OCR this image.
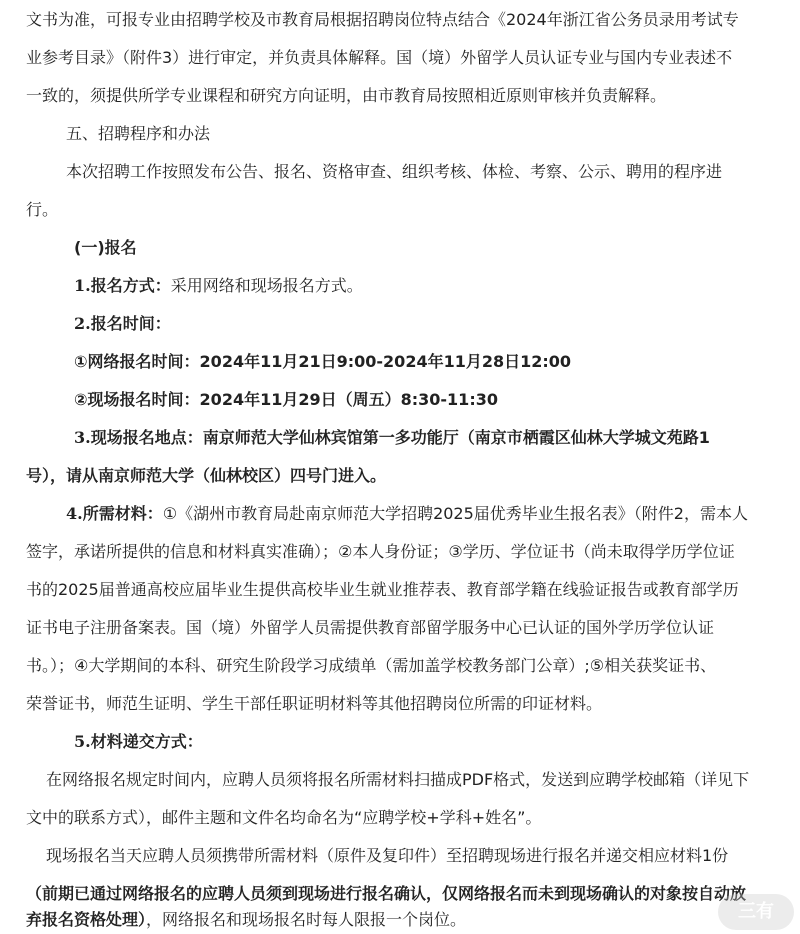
文书为准，可报专业由招聘学校及市教育局根据招聘岗位特点结合《2024年浙江省公务员录用考试专
业参考目录》（附件3）进行审定，并负责具体解释。国（境）外留学人员认证专业与国内专业表述不
一致的，须提供所学专业课程和研究方向证明，由市教育局按照相近原则审核并负责解释。
五、招聘程序和办法
本次招聘工作按照发布公告、报名、资格审查、组织考核、体检、考察、公示、聘用的程序进
行。
(一)报名
1.报名方式：采用网络和现场报名方式。
2.报名时间：
①网络报名时间：2024年11月21日9:00-2024年11月28日12:00
②现场报名时间：2024年11月29日（周五）8:30-11:30
3.现场报名地点：南京师范大学仙林宾馆第一多功能厅（南京市栖霞区仙林大学城文苑路1
号），请从南京师范大学（仙林校区）四号门进入。
4.所需材料：①《湖州市教育局赴南京师范大学招聘2025届优秀毕业生报名表》（附件2，需本人
签字，承诺所提供的信息和材料真实准确）；②本人身份证；③学历、学位证书（尚未取得学历学位证
书的2025届普通高校应届毕业生提供高校毕业生就业推荐表、教育部学籍在线验证报告或教育部学历
证书电子注册备案表。国（境）外留学人员需提供教育部留学服务中心已认证的国外学历学位认证
书。）；④大学期间的本科、研究生阶段学习成绩单（需加盖学校教务部门公章）;⑤相关获奖证书、
荣誉证书，师范生证明、学生干部任职证明材料等其他招聘岗位所需的印证材料。
5.材料递交方式：
在网络报名规定时间内，应聘人员须将报名所需材料扫描成PDF格式，发送到应聘学校邮箱（详见下
文中的联系方式），邮件主题和文件名均命名为“应聘学校+学科+姓名”。
现场报名当天应聘人员须携带所需材料（原件及复印件）至招聘现场进行报名并递交相应材料1份
（前期已通过网络报名的应聘人员须到现场进行报名确认，仅网络报名而未到现场确认的对象按自动放
弃报名资格处理），网络报名和现场报名时每人限报一个岗位。	三有
